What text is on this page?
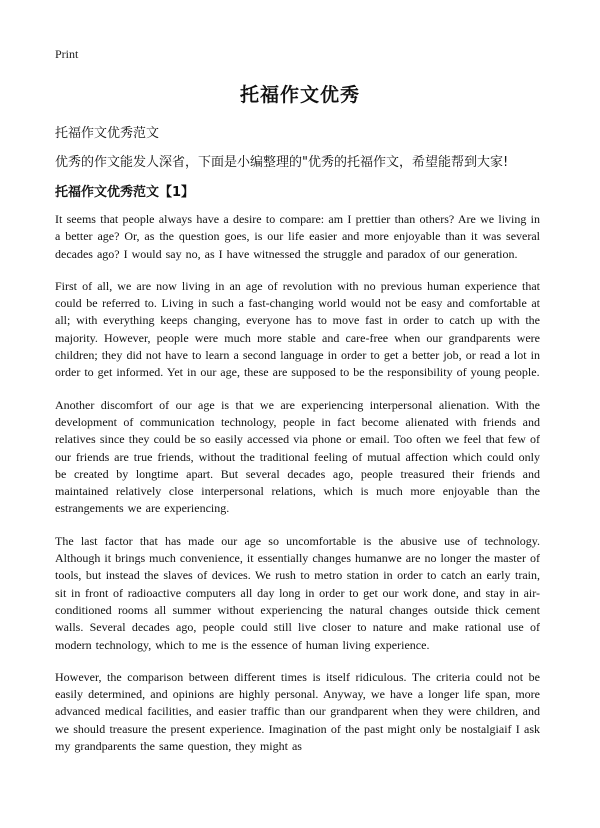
Print
托福作文优秀
托福作文优秀范文
优秀的作文能发人深省，下面是小编整理的"优秀的托福作文，希望能帮到大家!
托福作文优秀范文【1】

It seems that people always have a desire to compare: am I prettier than others? Are we living in a better age? Or, as the question goes, is our life easier and more enjoyable than it was several decades ago? I would say no, as I have witnessed the struggle and paradox of our generation.

First of all, we are now living in an age of revolution with no previous human experience that could be referred to. Living in such a fast-changing world would not be easy and comfortable at all; with everything keeps changing, everyone has to move fast in order to catch up with the majority. However, people were much more stable and care-free when our grandparents were children; they did not have to learn a second language in order to get a better job, or read a lot in order to get informed. Yet in our age, these are supposed to be the responsibility of young people.

Another discomfort of our age is that we are experiencing interpersonal alienation. With the development of communication technology, people in fact become alienated with friends and relatives since they could be so easily accessed via phone or email. Too often we feel that few of our friends are true friends, without the traditional feeling of mutual affection which could only be created by longtime apart. But several decades ago, people treasured their friends and maintained relatively close interpersonal relations, which is much more enjoyable than the estrangements we are experiencing.

The last factor that has made our age so uncomfortable is the abusive use of technology. Although it brings much convenience, it essentially changes humanwe are no longer the master of tools, but instead the slaves of devices. We rush to metro station in order to catch an early train, sit in front of radioactive computers all day long in order to get our work done, and stay in air-conditioned rooms all summer without experiencing the natural changes outside thick cement walls. Several decades ago, people could still live closer to nature and make rational use of modern technology, which to me is the essence of human living experience.

However, the comparison between different times is itself ridiculous. The criteria could not be easily determined, and opinions are highly personal. Anyway, we have a longer life span, more advanced medical facilities, and easier traffic than our grandparent when they were children, and we should treasure the present experience. Imagination of the past might only be nostalgiaif I ask my grandparents the same question, they might as
